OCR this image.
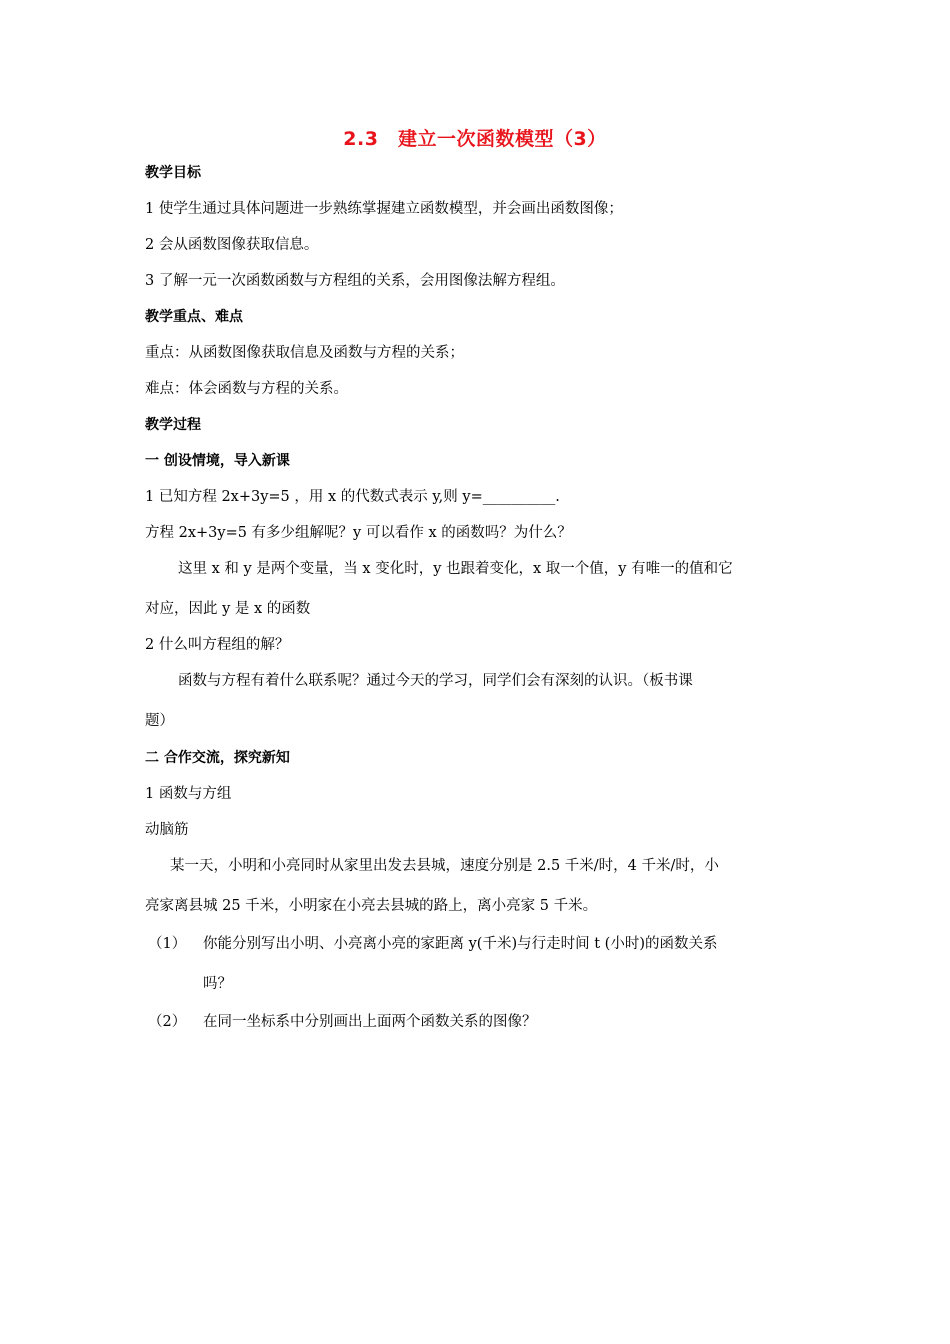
2.3　建立一次函数模型（3）
教学目标
1 使学生通过具体问题进一步熟练掌握建立函数模型，并会画出函数图像；
2 会从函数图像获取信息。
3 了解一元一次函数函数与方程组的关系，会用图像法解方程组。
教学重点、难点
重点：从函数图像获取信息及函数与方程的关系；
难点：体会函数与方程的关系。
教学过程
一 创设情境，导入新课
1 已知方程 2x+3y=5 ，用 x 的代数式表示 y,则 y=__________.
方程 2x+3y=5 有多少组解呢？y 可以看作 x 的函数吗？为什么？
这里 x 和 y 是两个变量，当 x 变化时，y 也跟着变化，x 取一个值，y 有唯一的值和它
对应，因此 y 是 x 的函数
2 什么叫方程组的解？
函数与方程有着什么联系呢？通过今天的学习，同学们会有深刻的认识。（板书课
题）
二 合作交流，探究新知
1 函数与方组
动脑筋
某一天，小明和小亮同时从家里出发去县城，速度分别是 2.5 千米/时，4 千米/时，小
亮家离县城 25 千米，小明家在小亮去县城的路上，离小亮家 5 千米。
（1） 你能分别写出小明、小亮离小亮的家距离 y(千米)与行走时间 t (小时)的函数关系
吗？
（2） 在同一坐标系中分别画出上面两个函数关系的图像？
